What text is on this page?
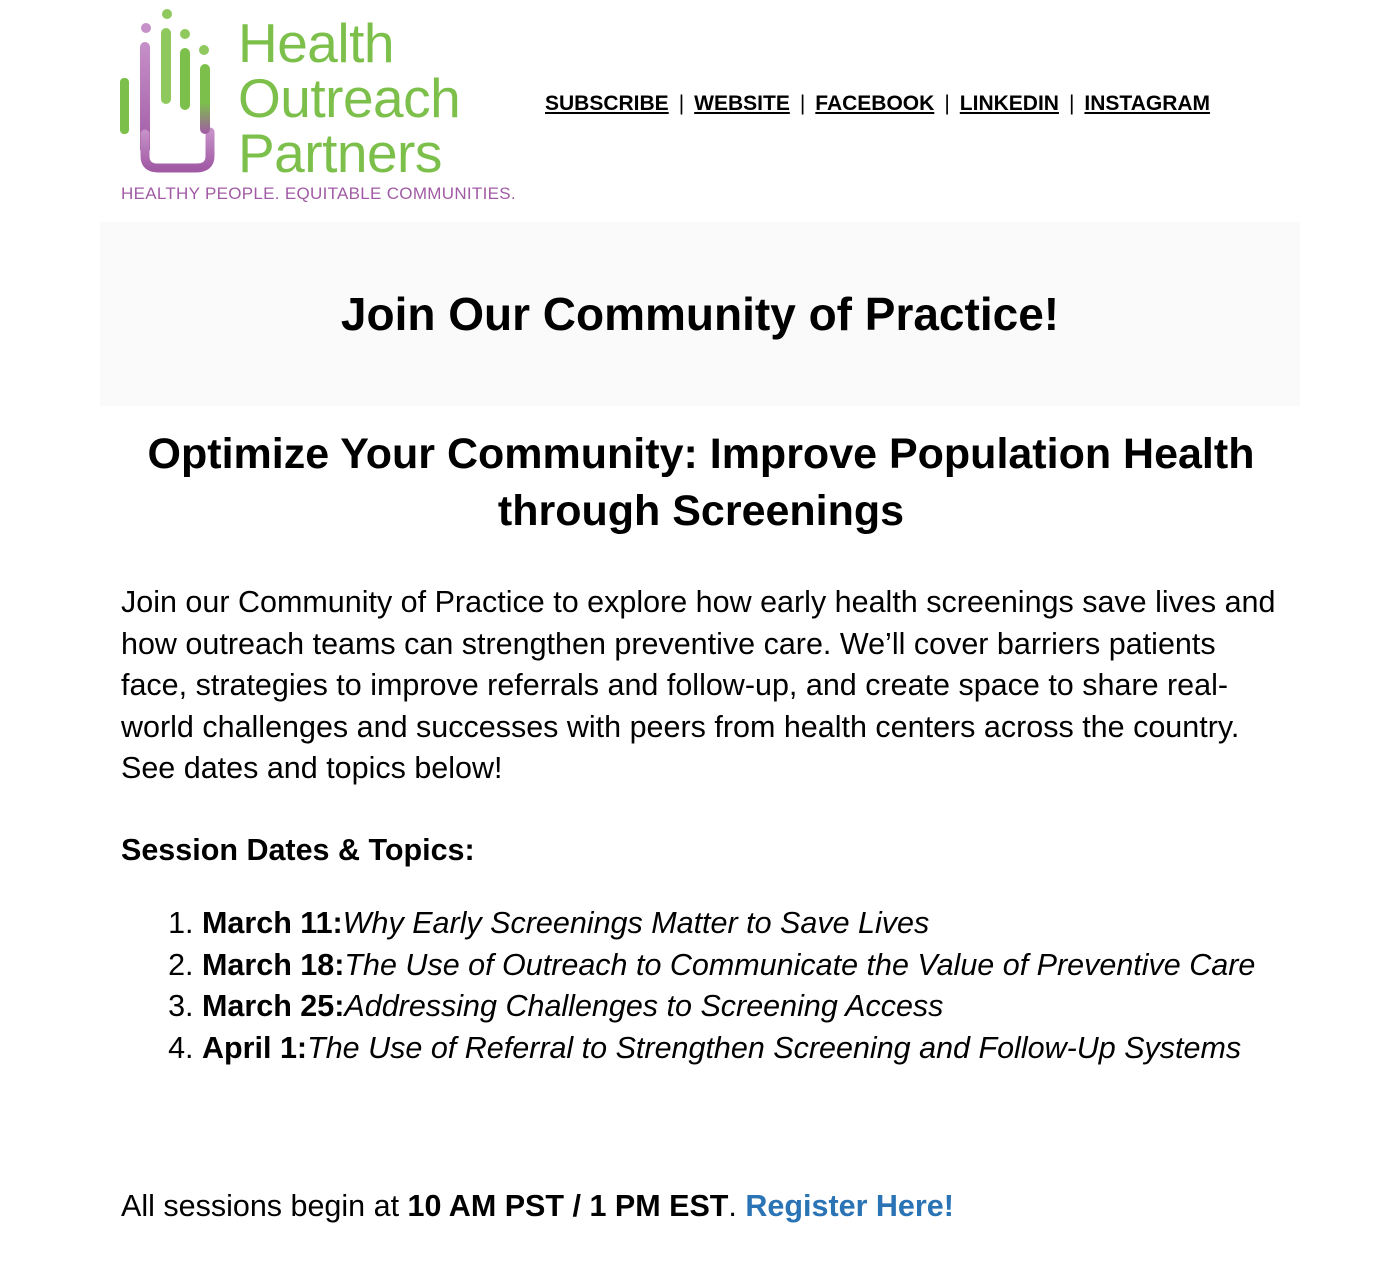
Health
Outreach
Partners
HEALTHY PEOPLE. EQUITABLE COMMUNITIES.
SUBSCRIBE | WEBSITE | FACEBOOK | LINKEDIN | INSTAGRAM
Join Our Community of Practice!
Optimize Your Community: Improve Population Health through Screenings

Join our Community of Practice to explore how early health screenings save lives and how outreach teams can strengthen preventive care. We’ll cover barriers patients face, strategies to improve referrals and follow-up, and create space to share real-world challenges and successes with peers from health centers across the country. See dates and topics below!

Session Dates & Topics:
1. March 11:Why Early Screenings Matter to Save Lives
2. March 18:The Use of Outreach to Communicate the Value of Preventive Care
3. March 25:Addressing Challenges to Screening Access
4. April 1:The Use of Referral to Strengthen Screening and Follow-Up Systems
All sessions begin at 10 AM PST / 1 PM EST. Register Here!
